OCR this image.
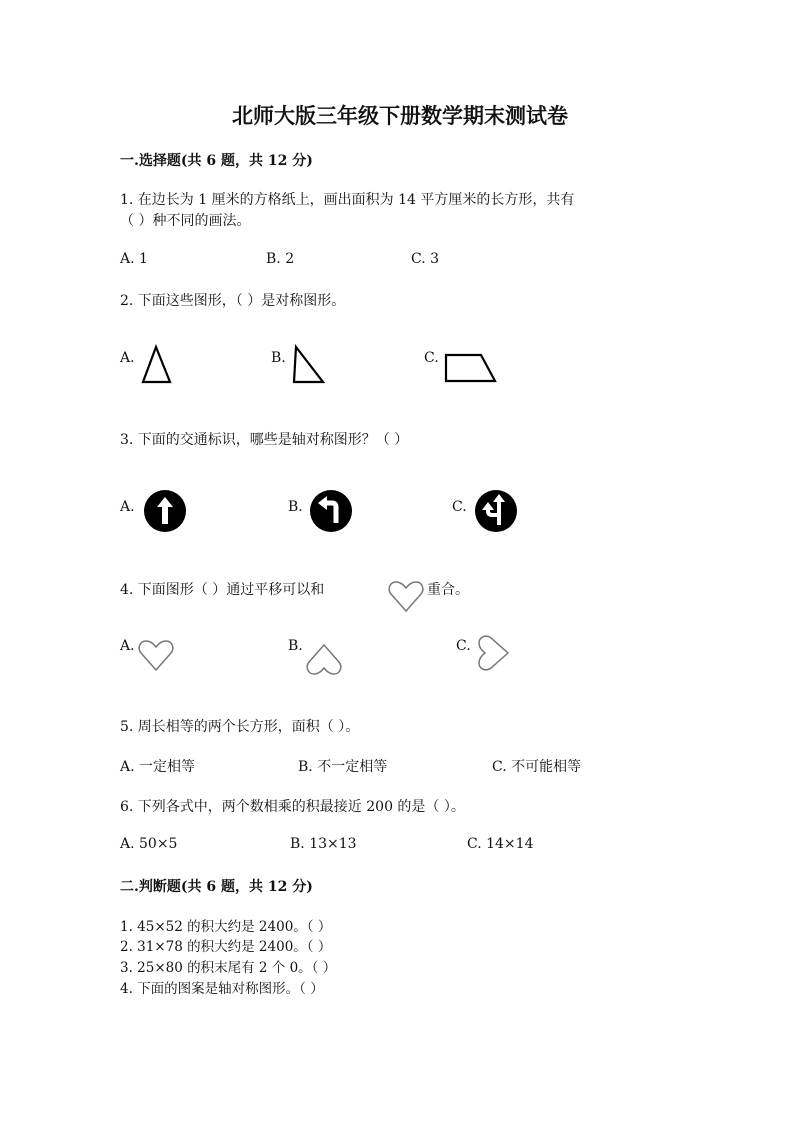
北师大版三年级下册数学期末测试卷
一.选择题(共 6 题，共 12 分)
1. 在边长为 1 厘米的方格纸上，画出面积为 14 平方厘米的长方形，共有
（ ）种不同的画法。
A. 1	B. 2	C. 3
2. 下面这些图形，（ ）是对称图形。
A.	B.	C.
3. 下面的交通标识，哪些是轴对称图形？（ ）
A.	B.	C.
4. 下面图形（ ）通过平移可以和	重合。
A.	B.	C.
5. 周长相等的两个长方形，面积（ ）。
A. 一定相等	B. 不一定相等	C. 不可能相等
6. 下列各式中，两个数相乘的积最接近 200 的是（ ）。
A. 50×5	B. 13×13	C. 14×14
二.判断题(共 6 题，共 12 分)
1. 45×52 的积大约是 2400。（ ）
2. 31×78 的积大约是 2400。（ ）
3. 25×80 的积末尾有 2 个 0。（ ）
4. 下面的图案是轴对称图形。（ ）
